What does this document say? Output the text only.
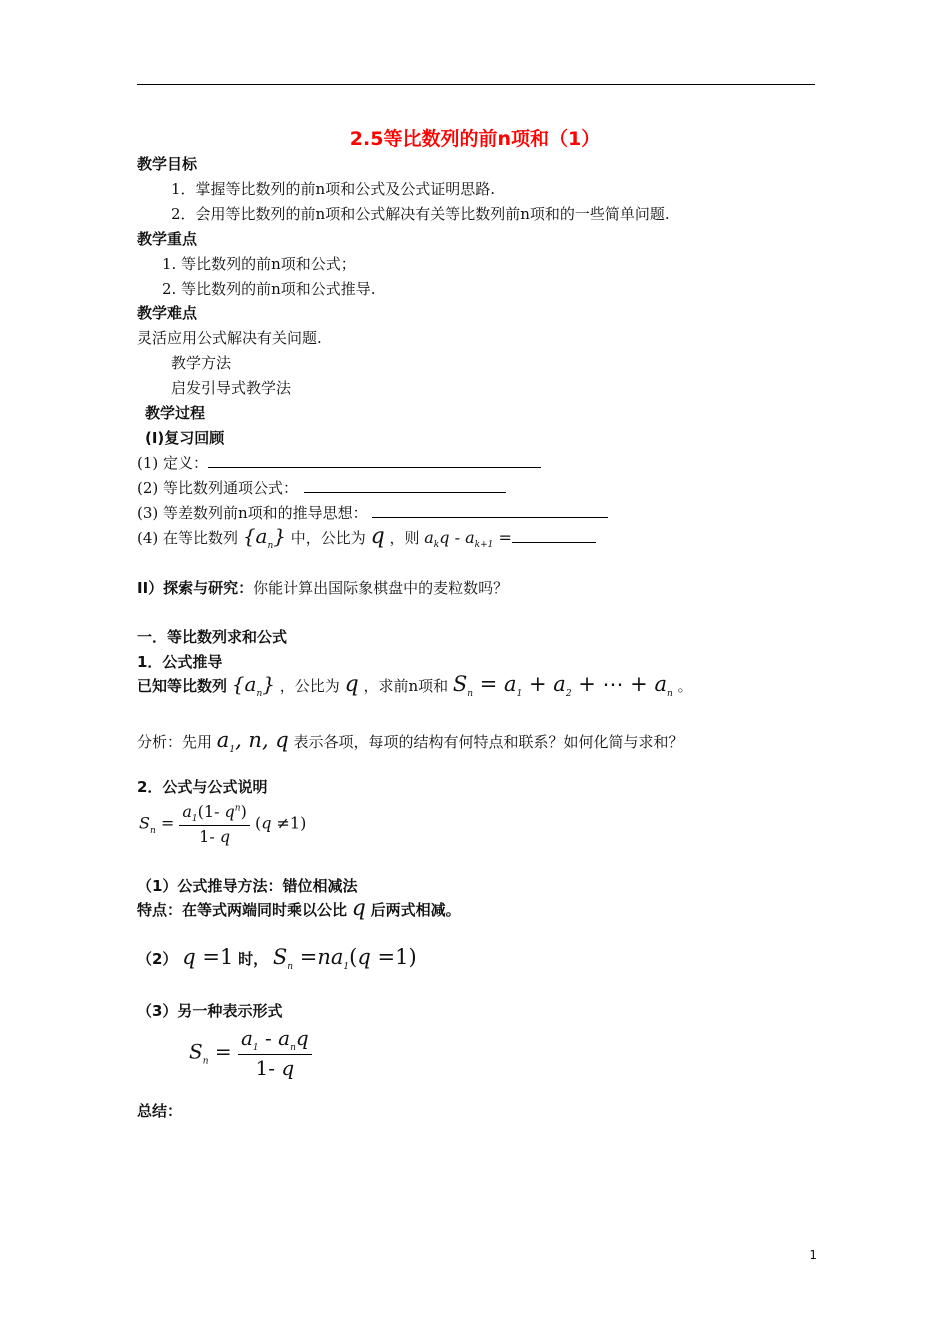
2.5等比数列的前n项和（1）
教学目标
1．掌握等比数列的前n项和公式及公式证明思路.
2．会用等比数列的前n项和公式解决有关等比数列前n项和的一些简单问题.
教学重点
1. 等比数列的前n项和公式；
2. 等比数列的前n项和公式推导.
教学难点
灵活应用公式解决有关问题.
教学方法
启发引导式教学法
教学过程
(I)复习回顾
(1) 定义：
(2) 等比数列通项公式：
(3) 等差数列前n项和的推导思想：
(4) 在等比数列 $\{a_n\}$ 中，公比为 q ，则 $a_kq - a_{k+1}$ =
II）探索与研究：你能计算出国际象棋盘中的麦粒数吗？
一．等比数列求和公式
1．公式推导
已知等比数列 $\{a_n\}$ ，公比为 q ，求前n项和 $S_n = a_1 + a_2$ + ⋯ + $a_n$ 。
分析：先用 $a_1$, n, q 表示各项，每项的结构有何特点和联系？如何化简与求和？
2．公式与公式说明
$S_n = \frac{a_1(1- q^n)}{1- q} (q \ne 1)$
（1）公式推导方法：错位相减法
特点：在等式两端同时乘以公比 q 后两式相减。
（2） q =1 时， $S_n =na_1(q =1)$
（3）另一种表示形式
$S_n = \frac{a_1 - a_nq}{1- q}$
总结：
1
